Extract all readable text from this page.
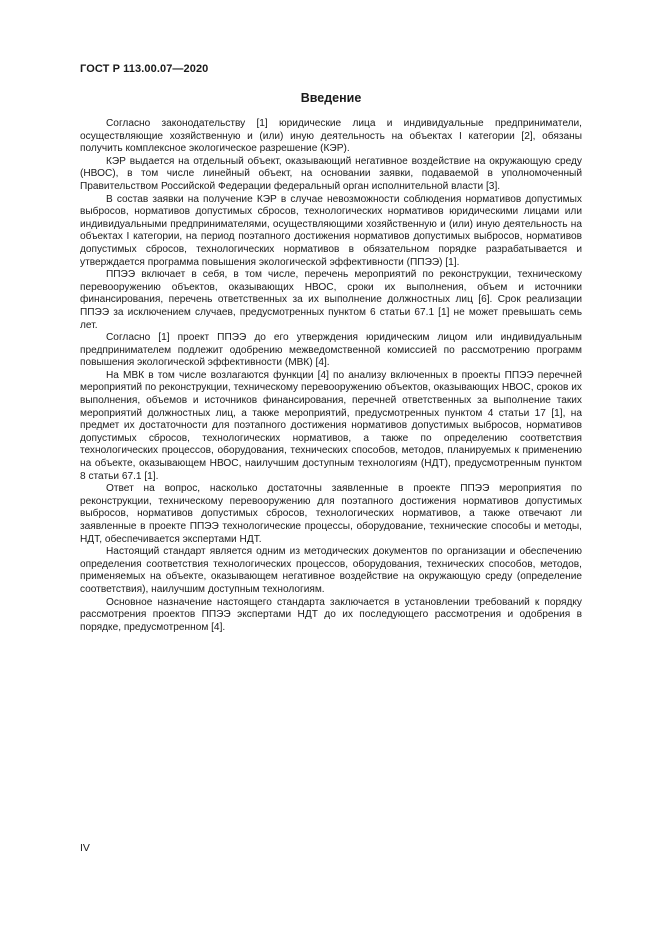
ГОСТ Р 113.00.07—2020
Введение

Согласно законодательству [1] юридические лица и индивидуальные предприниматели, осуществляющие хозяйственную и (или) иную деятельность на объектах I категории [2], обязаны получить комплексное экологическое разрешение (КЭР).

КЭР выдается на отдельный объект, оказывающий негативное воздействие на окружающую среду (НВОС), в том числе линейный объект, на основании заявки, подаваемой в уполномоченный Правительством Российской Федерации федеральный орган исполнительной власти [3].

В состав заявки на получение КЭР в случае невозможности соблюдения нормативов допустимых выбросов, нормативов допустимых сбросов, технологических нормативов юридическими лицами или индивидуальными предпринимателями, осуществляющими хозяйственную и (или) иную деятельность на объектах I категории, на период поэтапного достижения нормативов допустимых выбросов, нормативов допустимых сбросов, технологических нормативов в обязательном порядке разрабатывается и утверждается программа повышения экологической эффективности (ППЭЭ) [1].

ППЭЭ включает в себя, в том числе, перечень мероприятий по реконструкции, техническому перевооружению объектов, оказывающих НВОС, сроки их выполнения, объем и источники финансирования, перечень ответственных за их выполнение должностных лиц [6]. Срок реализации ППЭЭ за исключением случаев, предусмотренных пунктом 6 статьи 67.1 [1] не может превышать семь лет.

Согласно [1] проект ППЭЭ до его утверждения юридическим лицом или индивидуальным предпринимателем подлежит одобрению межведомственной комиссией по рассмотрению программ повышения экологической эффективности (МВК) [4].

На МВК в том числе возлагаются функции [4] по анализу включенных в проекты ППЭЭ перечней мероприятий по реконструкции, техническому перевооружению объектов, оказывающих НВОС, сроков их выполнения, объемов и источников финансирования, перечней ответственных за выполнение таких мероприятий должностных лиц, а также мероприятий, предусмотренных пунктом 4 статьи 17 [1], на предмет их достаточности для поэтапного достижения нормативов допустимых выбросов, нормативов допустимых сбросов, технологических нормативов, а также по определению соответствия технологических процессов, оборудования, технических способов, методов, планируемых к применению на объекте, оказывающем НВОС, наилучшим доступным технологиям (НДТ), предусмотренным пунктом 8 статьи 67.1 [1].

Ответ на вопрос, насколько достаточны заявленные в проекте ППЭЭ мероприятия по реконструкции, техническому перевооружению для поэтапного достижения нормативов допустимых выбросов, нормативов допустимых сбросов, технологических нормативов, а также отвечают ли заявленные в проекте ППЭЭ технологические процессы, оборудование, технические способы и методы, НДТ, обеспечивается экспертами НДТ.

Настоящий стандарт является одним из методических документов по организации и обеспечению определения соответствия технологических процессов, оборудования, технических способов, методов, применяемых на объекте, оказывающем негативное воздействие на окружающую среду (определение соответствия), наилучшим доступным технологиям.

Основное назначение настоящего стандарта заключается в установлении требований к порядку рассмотрения проектов ППЭЭ экспертами НДТ до их последующего рассмотрения и одобрения в порядке, предусмотренном [4].

IV
